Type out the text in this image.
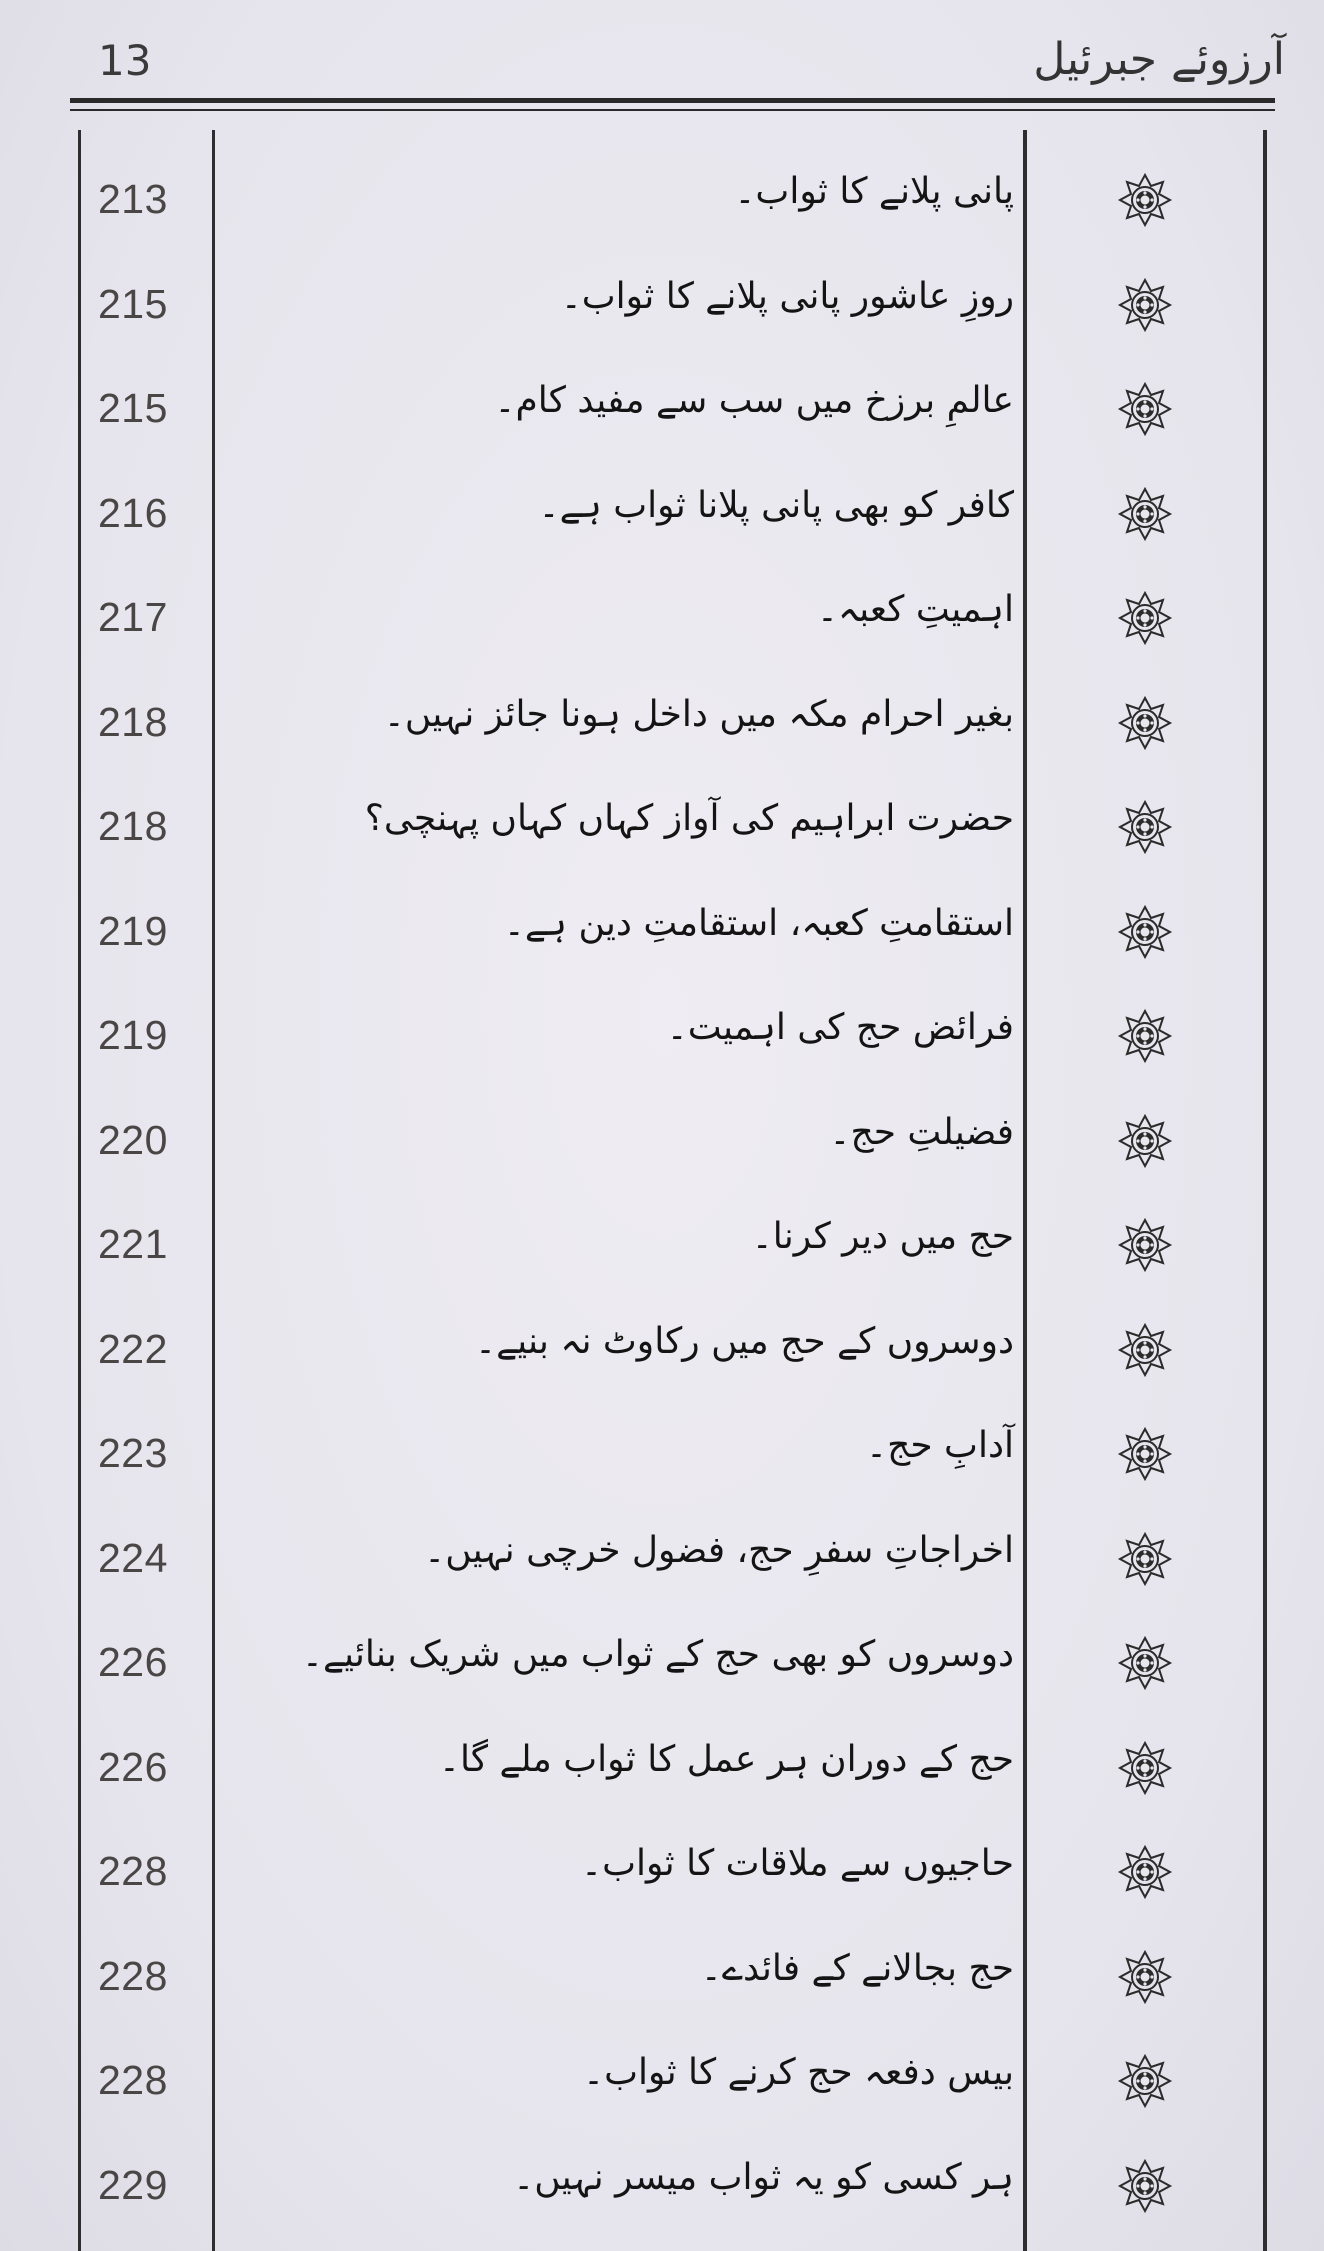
13	آرزوئے جبرئیل
213	پانی پلانے کا ثواب۔
215	روزِ عاشور پانی پلانے کا ثواب۔
215	عالمِ برزخ میں سب سے مفید کام۔
216	کافر کو بھی پانی پلانا ثواب ہے۔
217	اہمیتِ کعبہ۔
218	بغیر احرام مکہ میں داخل ہونا جائز نہیں۔
218	حضرت ابراہیم کی آواز کہاں کہاں پہنچی؟
219	استقامتِ کعبہ، استقامتِ دین ہے۔
219	فرائض حج کی اہمیت۔
220	فضیلتِ حج۔
221	حج میں دیر کرنا۔
222	دوسروں کے حج میں رکاوٹ نہ بنیے۔
223	آدابِ حج۔
224	اخراجاتِ سفرِ حج، فضول خرچی نہیں۔
226	دوسروں کو بھی حج کے ثواب میں شریک بنائیے۔
226	حج کے دوران ہر عمل کا ثواب ملے گا۔
228	حاجیوں سے ملاقات کا ثواب۔
228	حج بجالانے کے فائدے۔
228	بیس دفعہ حج کرنے کا ثواب۔
229	ہر کسی کو یہ ثواب میسر نہیں۔
